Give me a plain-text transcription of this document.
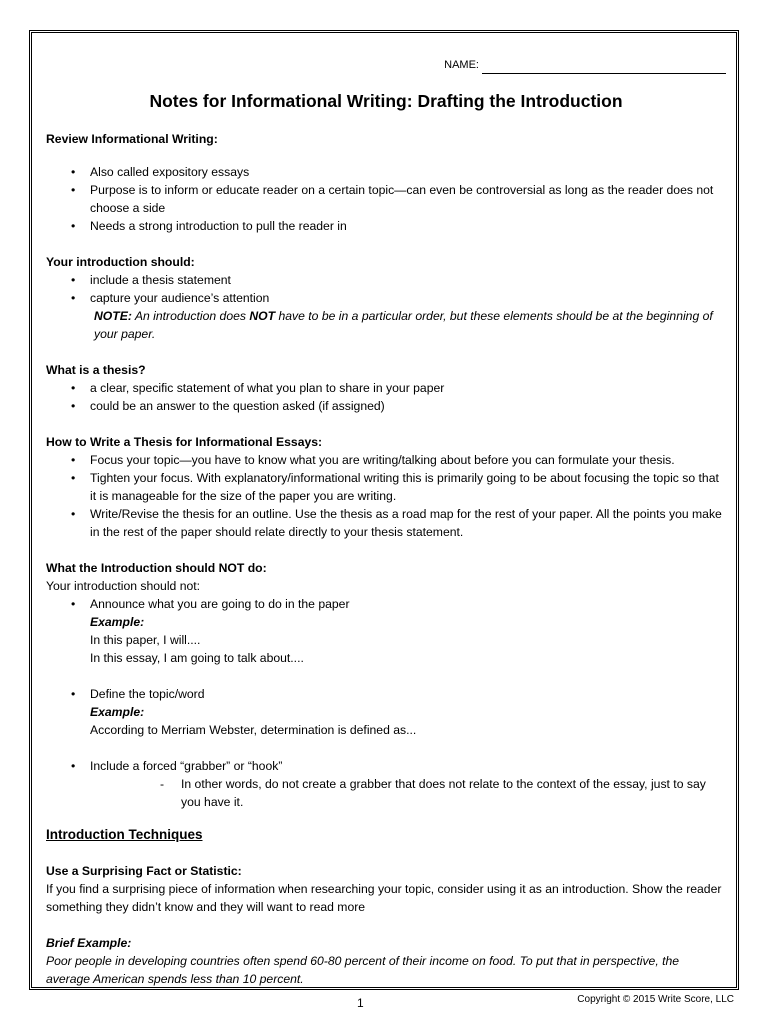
NAME:
Notes for Informational Writing: Drafting the Introduction

Review Informational Writing:

• Also called expository essays
• Purpose is to inform or educate reader on a certain topic—can even be controversial as long as the reader does not choose a side
• Needs a strong introduction to pull the reader in

Your introduction should:

• include a thesis statement
• capture your audience’s attention

NOTE: An introduction does NOT have to be in a particular order, but these elements should be at the beginning of your paper.

What is a thesis?

• a clear, specific statement of what you plan to share in your paper
• could be an answer to the question asked (if assigned)

How to Write a Thesis for Informational Essays:

• Focus your topic—you have to know what you are writing/talking about before you can formulate your thesis.
• Tighten your focus. With explanatory/informational writing this is primarily going to be about focusing the topic so that it is manageable for the size of the paper you are writing.
• Write/Revise the thesis for an outline. Use the thesis as a road map for the rest of your paper. All the points you make in the rest of the paper should relate directly to your thesis statement.

What the Introduction should NOT do:

Your introduction should not:

• Announce what you are going to do in the paper
Example:
In this paper, I will....
In this essay, I am going to talk about....
• Define the topic/word
Example:
According to Merriam Webster, determination is defined as...
• Include a forced “grabber” or “hook”

- In other words, do not create a grabber that does not relate to the context of the essay, just to say you have it.

Introduction Techniques

Use a Surprising Fact or Statistic:

If you find a surprising piece of information when researching your topic, consider using it as an introduction. Show the reader something they didn’t know and they will want to read more

Brief Example:

Poor people in developing countries often spend 60-80 percent of their income on food. To put that in perspective, the average American spends less than 10 percent.

1	Copyright © 2015 Write Score, LLC
